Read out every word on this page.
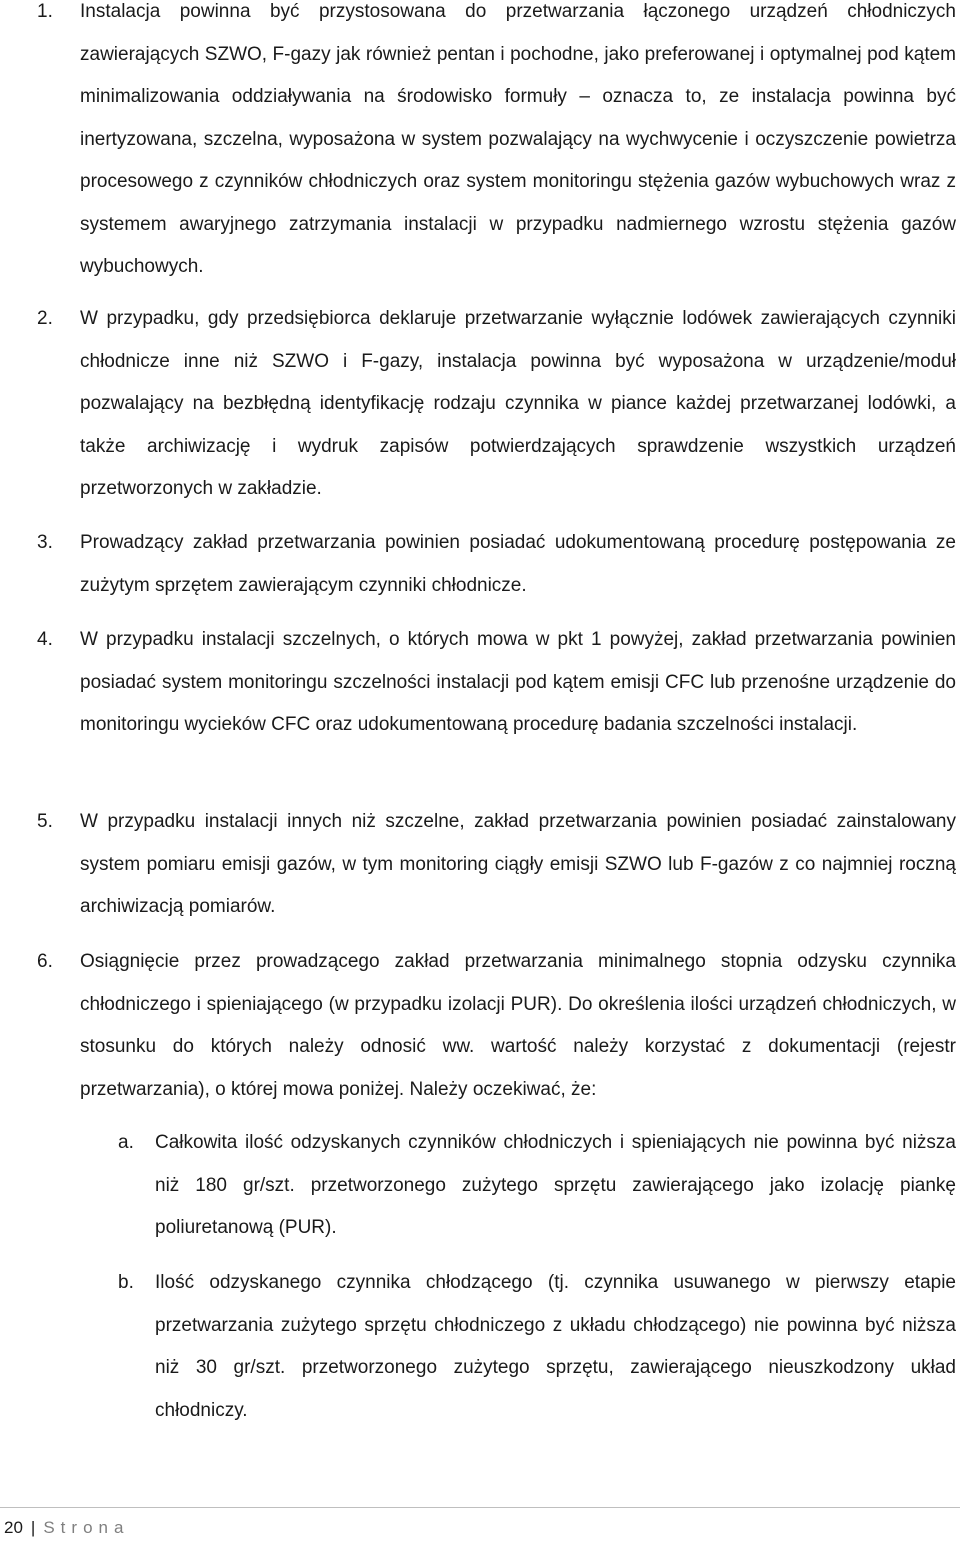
1. Instalacja powinna być przystosowana do przetwarzania łączonego urządzeń chłodniczych zawierających SZWO, F-gazy jak również pentan i pochodne, jako preferowanej i optymalnej pod kątem minimalizowania oddziaływania na środowisko formuły – oznacza to, ze instalacja powinna być inertyzowana, szczelna, wyposażona w system pozwalający na wychwycenie i oczyszczenie powietrza procesowego z czynników chłodniczych oraz system monitoringu stężenia gazów wybuchowych wraz z systemem awaryjnego zatrzymania instalacji w przypadku nadmiernego wzrostu stężenia gazów wybuchowych.
2. W przypadku, gdy przedsiębiorca deklaruje przetwarzanie wyłącznie lodówek zawierających czynniki chłodnicze inne niż SZWO i F-gazy, instalacja powinna być wyposażona w urządzenie/moduł pozwalający na bezbłędną identyfikację rodzaju czynnika w piance każdej przetwarzanej lodówki, a także archiwizację i wydruk zapisów potwierdzających sprawdzenie wszystkich urządzeń przetworzonych w zakładzie.
3. Prowadzący zakład przetwarzania powinien posiadać udokumentowaną procedurę postępowania ze zużytym sprzętem zawierającym czynniki chłodnicze.
4. W przypadku instalacji szczelnych, o których mowa w pkt 1 powyżej, zakład przetwarzania powinien posiadać system monitoringu szczelności instalacji pod kątem emisji CFC lub przenośne urządzenie do monitoringu wycieków CFC oraz udokumentowaną procedurę badania szczelności instalacji.
5. W przypadku instalacji innych niż szczelne, zakład przetwarzania powinien posiadać zainstalowany system pomiaru emisji gazów, w tym monitoring ciągły emisji SZWO lub F-gazów z co najmniej roczną archiwizacją pomiarów.
6. Osiągnięcie przez prowadzącego zakład przetwarzania minimalnego stopnia odzysku czynnika chłodniczego i spieniającego (w przypadku izolacji PUR). Do określenia ilości urządzeń chłodniczych, w stosunku do których należy odnosić ww. wartość należy korzystać z dokumentacji (rejestr przetwarzania), o której mowa poniżej. Należy oczekiwać, że:
a. Całkowita ilość odzyskanych czynników chłodniczych i spieniających nie powinna być niższa niż 180 gr/szt. przetworzonego zużytego sprzętu zawierającego jako izolację piankę poliuretanową (PUR).
b. Ilość odzyskanego czynnika chłodzącego (tj. czynnika usuwanego w pierwszy etapie przetwarzania zużytego sprzętu chłodniczego z układu chłodzącego) nie powinna być niższa niż 30 gr/szt. przetworzonego zużytego sprzętu, zawierającego nieuszkodzony układ chłodniczy.
20 | Strona
